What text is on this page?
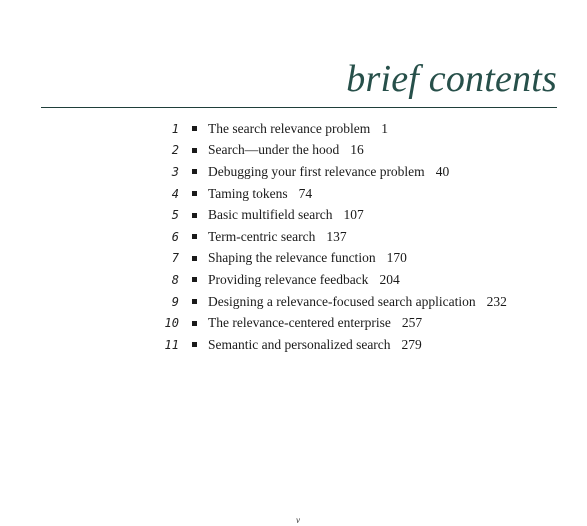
brief contents
1 The search relevance problem 1
2 Search—under the hood 16
3 Debugging your first relevance problem 40
4 Taming tokens 74
5 Basic multifield search 107
6 Term-centric search 137
7 Shaping the relevance function 170
8 Providing relevance feedback 204
9 Designing a relevance-focused search application 232
10 The relevance-centered enterprise 257
11 Semantic and personalized search 279
v
